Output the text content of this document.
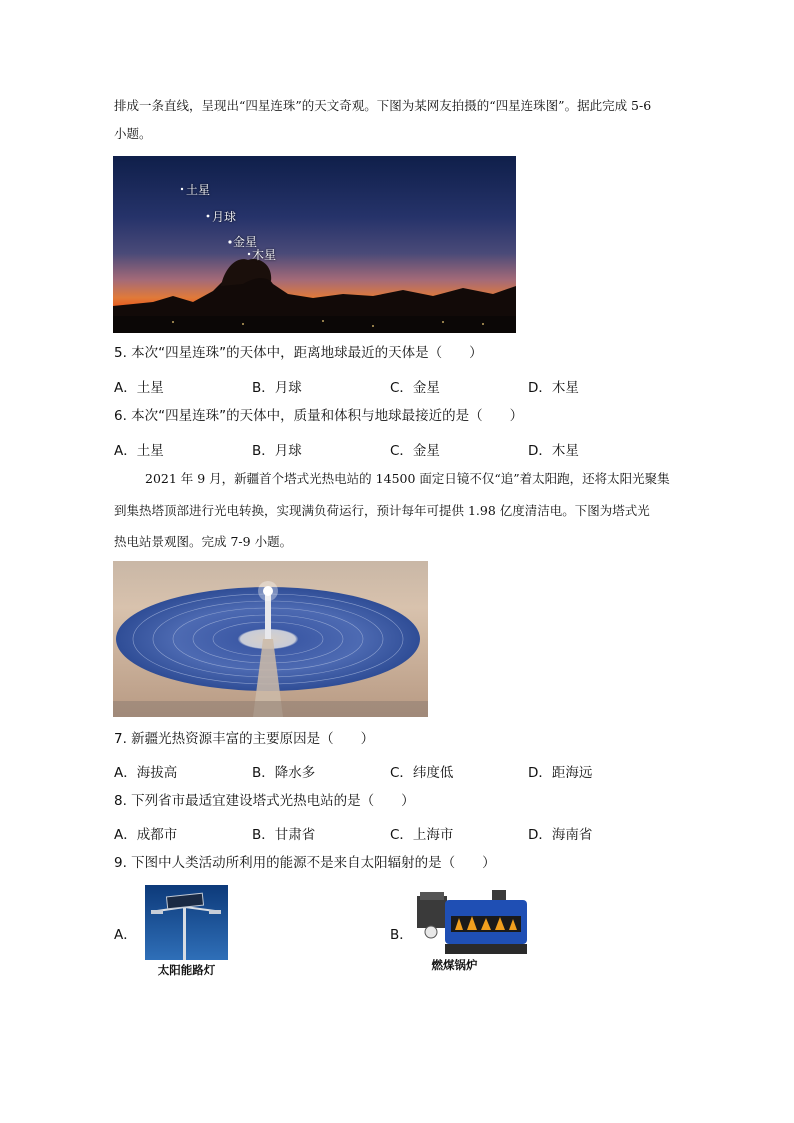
排成一条直线，呈现出“四星连珠”的天文奇观。下图为某网友拍摄的“四星连珠图”。据此完成 5-6
小题。
土星
月球
金星
木星
5. 本次“四星连珠”的天体中，距离地球最近的天体是（　　）
A．土星	B．月球	C．金星	D．木星
6. 本次“四星连珠”的天体中，质量和体积与地球最接近的是（　　）
A．土星	B．月球	C．金星	D．木星
2021 年 9 月，新疆首个塔式光热电站的 14500 面定日镜不仅“追”着太阳跑，还将太阳光聚集
到集热塔顶部进行光电转换，实现满负荷运行，预计每年可提供 1.98 亿度清洁电。下图为塔式光
热电站景观图。完成 7-9 小题。
7. 新疆光热资源丰富的主要原因是（　　）
A．海拔高	B．降水多	C．纬度低	D．距海远
8. 下列省市最适宜建设塔式光热电站的是（　　）
A．成都市	B．甘肃省	C．上海市	D．海南省
9. 下图中人类活动所利用的能源不是来自太阳辐射的是（　　）
A．
太阳能路灯
B．
燃煤锅炉
